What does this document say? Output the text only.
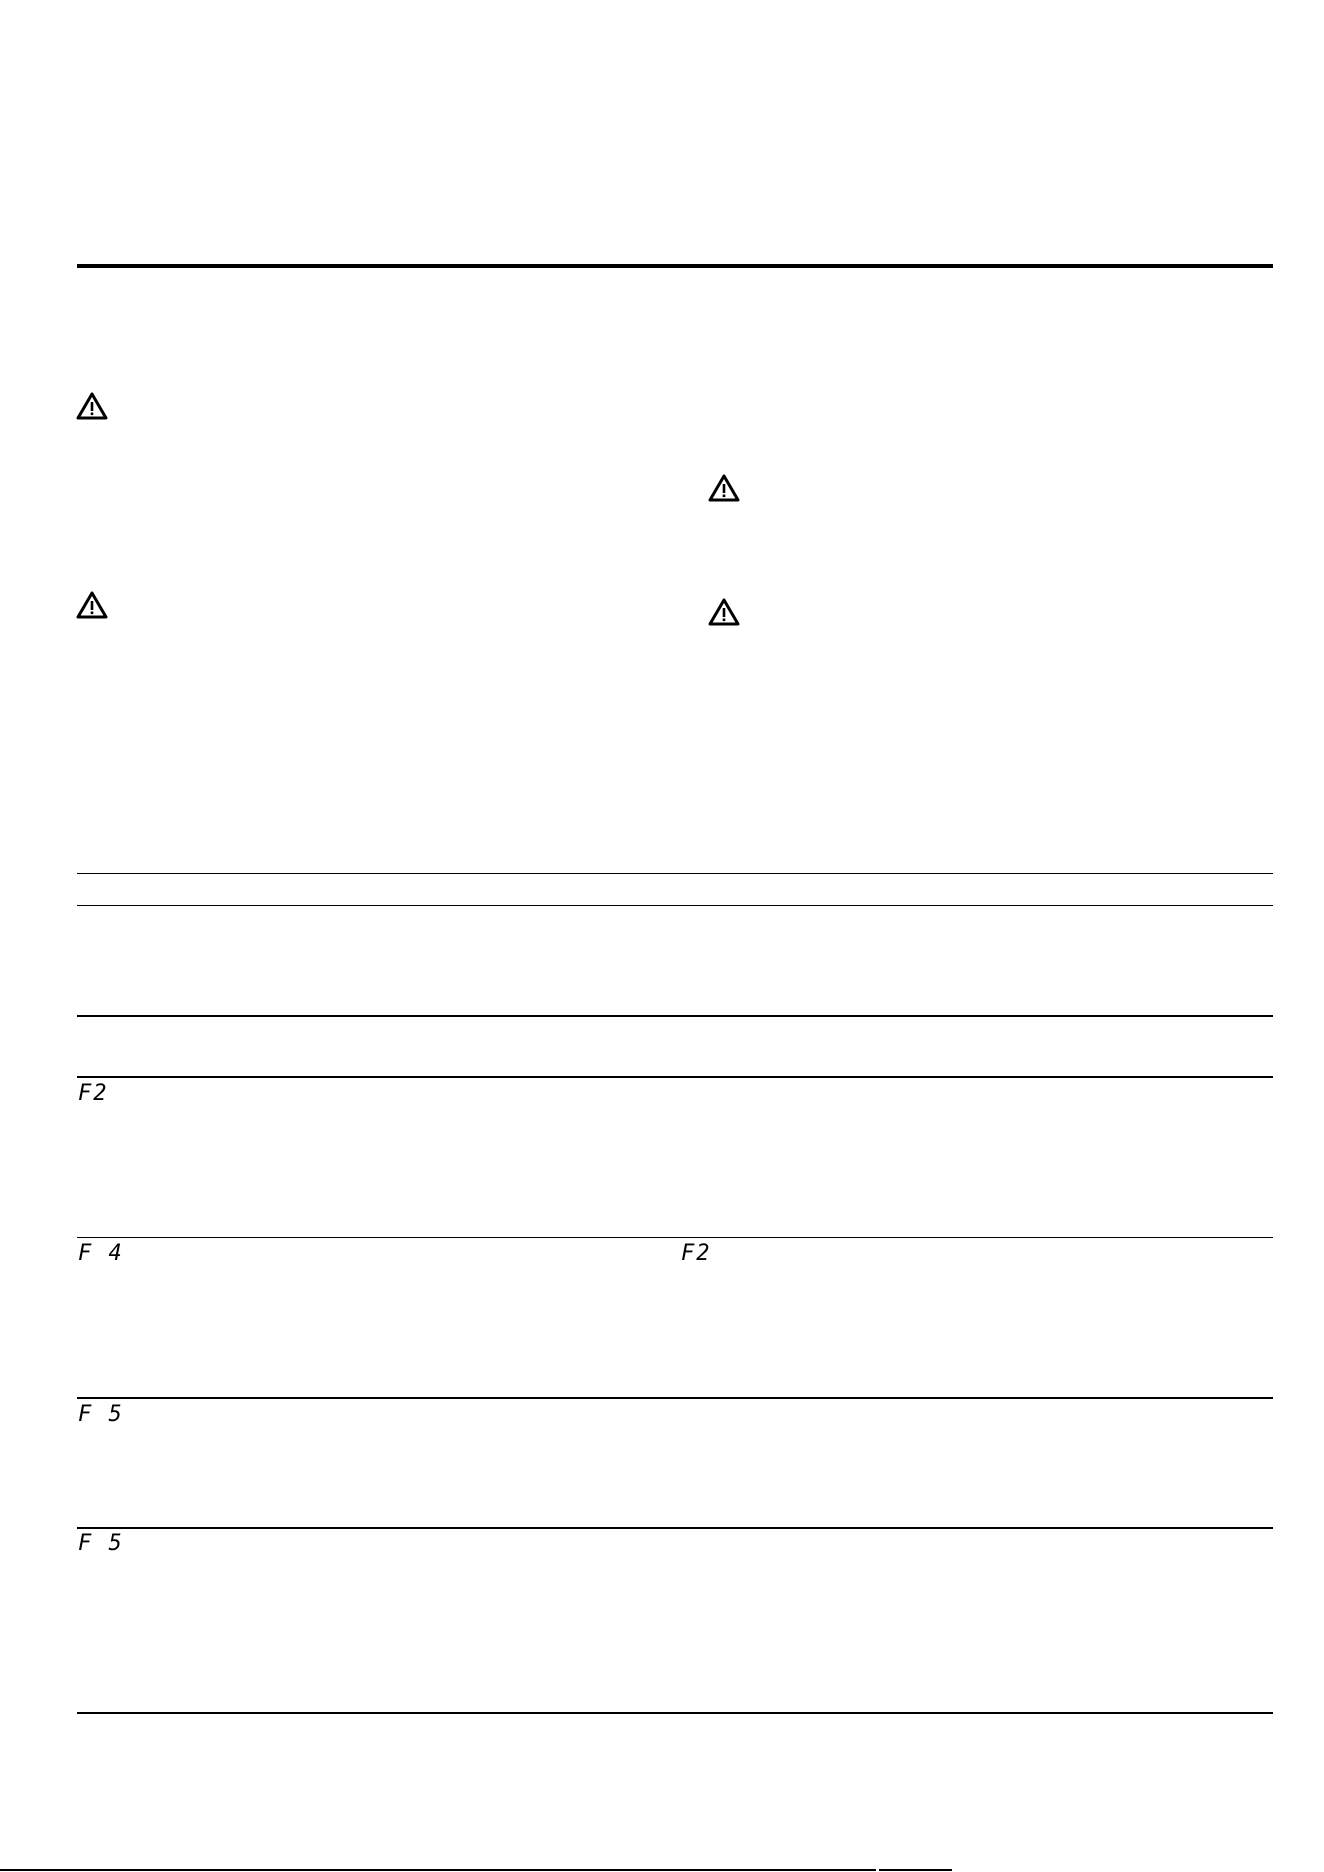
F2
F 4	F2
F 5
F 5
